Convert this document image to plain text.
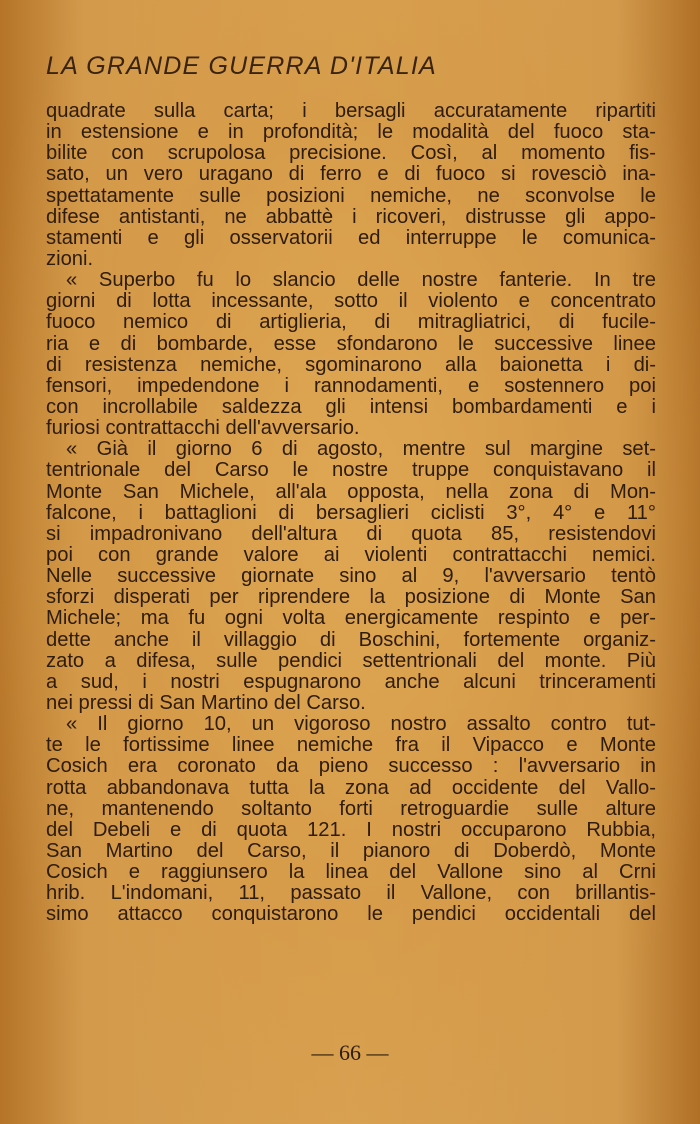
LA GRANDE GUERRA D'ITALIA
quadrate sulla carta; i bersagli accuratamente ripartiti
in estensione e in profondità; le modalità del fuoco sta-
bilite con scrupolosa precisione. Così, al momento fis-
sato, un vero uragano di ferro e di fuoco si rovesciò ina-
spettatamente sulle posizioni nemiche, ne sconvolse le
difese antistanti, ne abbattè i ricoveri, distrusse gli appo-
stamenti e gli osservatorii ed interruppe le comunica-
zioni.
« Superbo fu lo slancio delle nostre fanterie. In tre
giorni di lotta incessante, sotto il violento e concentrato
fuoco nemico di artiglieria, di mitragliatrici, di fucile-
ria e di bombarde, esse sfondarono le successive linee
di resistenza nemiche, sgominarono alla baionetta i di-
fensori, impedendone i rannodamenti, e sostennero poi
con incrollabile saldezza gli intensi bombardamenti e i
furiosi contrattacchi dell'avversario.
« Già il giorno 6 di agosto, mentre sul margine set-
tentrionale del Carso le nostre truppe conquistavano il
Monte San Michele, all'ala opposta, nella zona di Mon-
falcone, i battaglioni di bersaglieri ciclisti 3°, 4° e 11°
si impadronivano dell'altura di quota 85, resistendovi
poi con grande valore ai violenti contrattacchi nemici.
Nelle successive giornate sino al 9, l'avversario tentò
sforzi disperati per riprendere la posizione di Monte San
Michele; ma fu ogni volta energicamente respinto e per-
dette anche il villaggio di Boschini, fortemente organiz-
zato a difesa, sulle pendici settentrionali del monte. Più
a sud, i nostri espugnarono anche alcuni trinceramenti
nei pressi di San Martino del Carso.
« Il giorno 10, un vigoroso nostro assalto contro tut-
te le fortissime linee nemiche fra il Vipacco e Monte
Cosich era coronato da pieno successo : l'avversario in
rotta abbandonava tutta la zona ad occidente del Vallo-
ne, mantenendo soltanto forti retroguardie sulle alture
del Debeli e di quota 121. I nostri occuparono Rubbia,
San Martino del Carso, il pianoro di Doberdò, Monte
Cosich e raggiunsero la linea del Vallone sino al Crni
hrib. L'indomani, 11, passato il Vallone, con brillantis-
simo attacco conquistarono le pendici occidentali del

— 66 —
